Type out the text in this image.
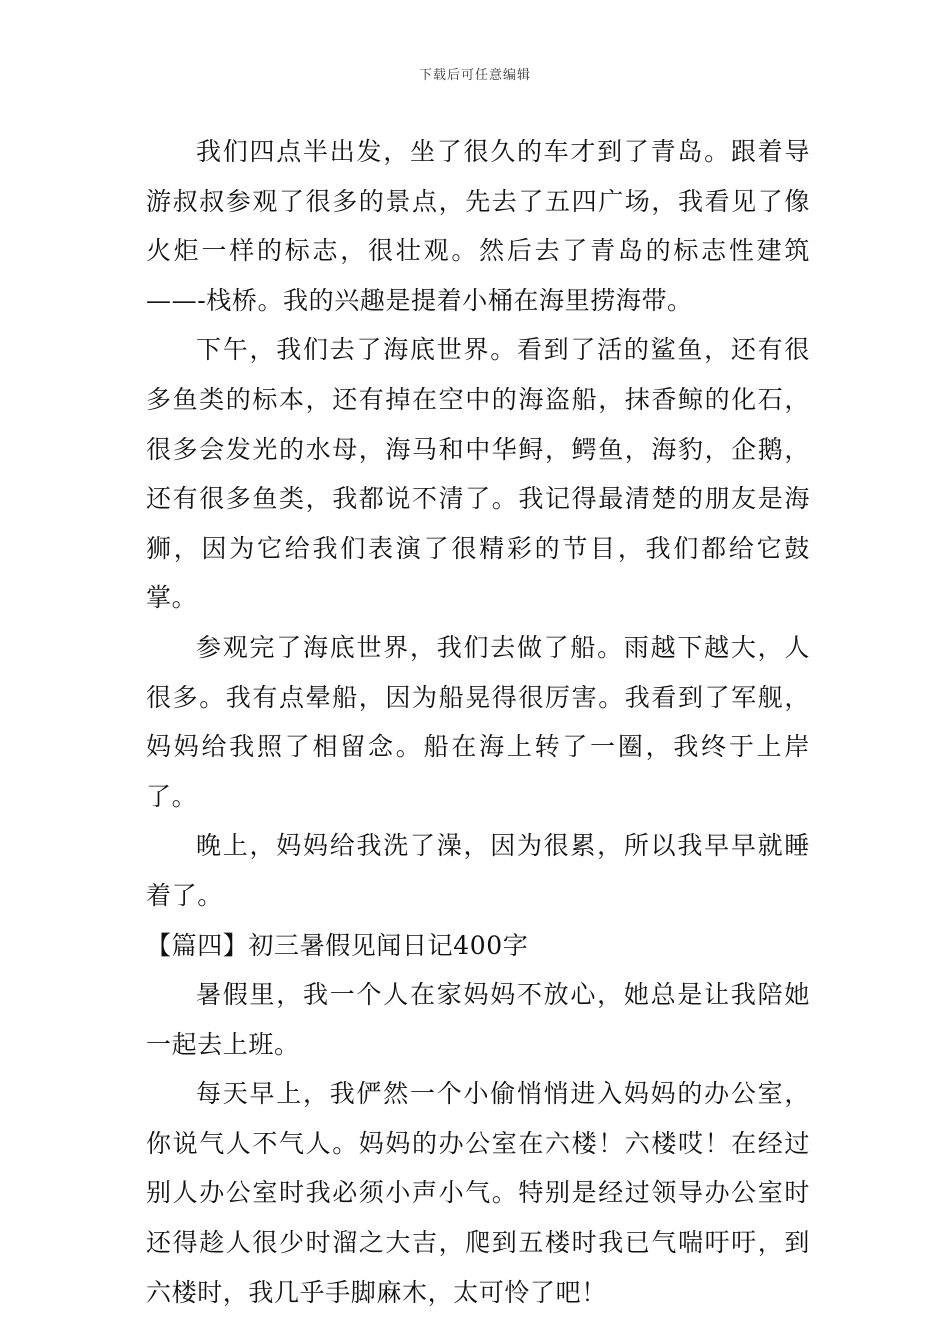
下载后可任意编辑

我们四点半出发，坐了很久的车才到了青岛。跟着导游叔叔参观了很多的景点，先去了五四广场，我看见了像火炬一样的标志，很壮观。然后去了青岛的标志性建筑——-栈桥。我的兴趣是提着小桶在海里捞海带。

下午，我们去了海底世界。看到了活的鲨鱼，还有很多鱼类的标本，还有掉在空中的海盗船，抹香鲸的化石，很多会发光的水母，海马和中华鲟，鳄鱼，海豹，企鹅，还有很多鱼类，我都说不清了。我记得最清楚的朋友是海狮，因为它给我们表演了很精彩的节目，我们都给它鼓掌。

参观完了海底世界，我们去做了船。雨越下越大，人很多。我有点晕船，因为船晃得很厉害。我看到了军舰，妈妈给我照了相留念。船在海上转了一圈，我终于上岸了。

晚上，妈妈给我洗了澡，因为很累，所以我早早就睡着了。

【篇四】初三暑假见闻日记400字

暑假里，我一个人在家妈妈不放心，她总是让我陪她一起去上班。

每天早上，我俨然一个小偷悄悄进入妈妈的办公室，你说气人不气人。妈妈的办公室在六楼！六楼哎！在经过别人办公室时我必须小声小气。特别是经过领导办公室时还得趁人很少时溜之大吉，爬到五楼时我已气喘吁吁，到六楼时，我几乎手脚麻木，太可怜了吧！
